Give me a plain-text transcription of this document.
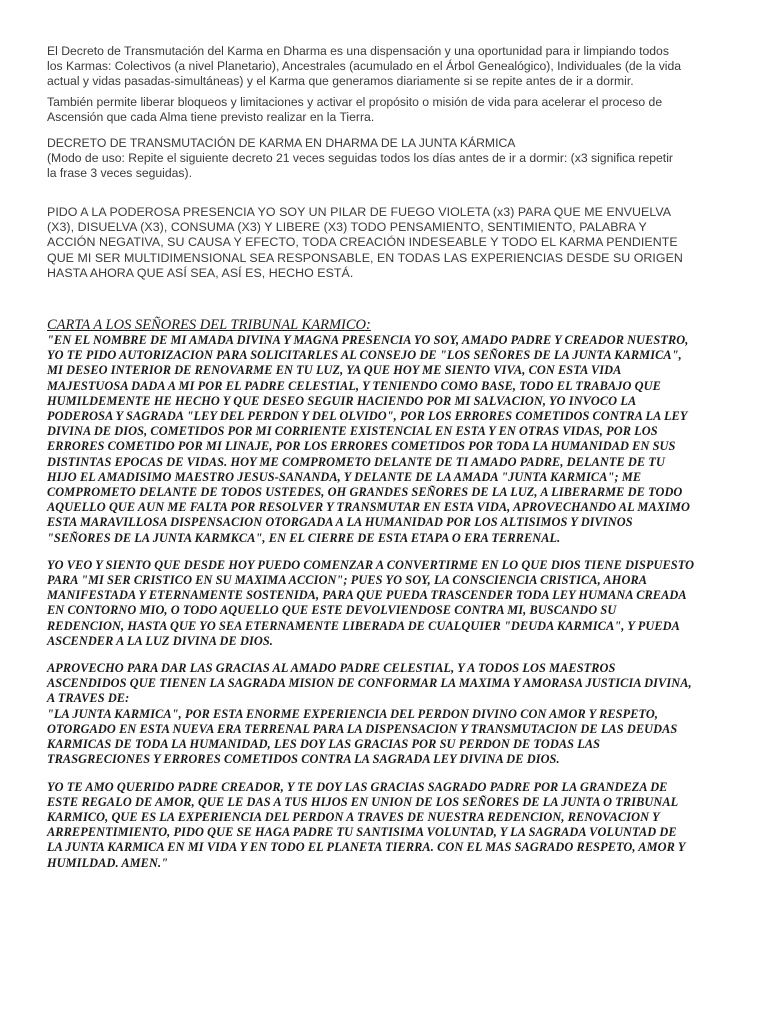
El Decreto de Transmutación del Karma en Dharma es una dispensación y una oportunidad para ir limpiando todos
los Karmas: Colectivos (a nivel Planetario), Ancestrales (acumulado en el Árbol Genealógico), Individuales (de la vida
actual y vidas pasadas-simultáneas) y el Karma que generamos diariamente si se repite antes de ir a dormir.

También permite liberar bloqueos y limitaciones y activar el propósito o misión de vida para acelerar el proceso de
Ascensión que cada Alma tiene previsto realizar en la Tierra.

DECRETO DE TRANSMUTACIÓN DE KARMA EN DHARMA DE LA JUNTA KÁRMICA

(Modo de uso: Repite el siguiente decreto 21 veces seguidas todos los días antes de ir a dormir: (x3 significa repetir
la frase 3 veces seguidas).

PIDO A LA PODEROSA PRESENCIA YO SOY UN PILAR DE FUEGO VIOLETA (x3) PARA QUE ME ENVUELVA
(X3), DISUELVA (X3), CONSUMA (X3) Y LIBERE (X3) TODO PENSAMIENTO, SENTIMIENTO, PALABRA Y
ACCIÓN NEGATIVA, SU CAUSA Y EFECTO, TODA CREACIÓN INDESEABLE Y TODO EL KARMA PENDIENTE
QUE MI SER MULTIDIMENSIONAL SEA RESPONSABLE, EN TODAS LAS EXPERIENCIAS DESDE SU ORIGEN
HASTA AHORA QUE ASÍ SEA, ASÍ ES, HECHO ESTÁ.

CARTA A LOS SEÑORES DEL TRIBUNAL KARMICO:

"EN EL NOMBRE DE MI AMADA DIVINA Y MAGNA PRESENCIA YO SOY, AMADO PADRE Y CREADOR NUESTRO,
YO TE PIDO AUTORIZACION PARA SOLICITARLES AL CONSEJO DE "LOS SEÑORES DE LA JUNTA KARMICA",
MI DESEO INTERIOR DE RENOVARME EN TU LUZ, YA QUE HOY ME SIENTO VIVA, CON ESTA VIDA
MAJESTUOSA DADA A MI POR EL PADRE CELESTIAL, Y TENIENDO COMO BASE, TODO EL TRABAJO QUE
HUMILDEMENTE HE HECHO Y QUE DESEO SEGUIR HACIENDO POR MI SALVACION, YO INVOCO LA
PODEROSA Y SAGRADA "LEY DEL PERDON Y DEL OLVIDO", POR LOS ERRORES COMETIDOS CONTRA LA LEY
DIVINA DE DIOS, COMETIDOS POR MI CORRIENTE EXISTENCIAL EN ESTA Y EN OTRAS VIDAS, POR LOS
ERRORES COMETIDO POR MI LINAJE, POR LOS ERRORES COMETIDOS POR TODA LA HUMANIDAD EN SUS
DISTINTAS EPOCAS DE VIDAS. HOY ME COMPROMETO DELANTE DE TI AMADO PADRE, DELANTE DE TU
HIJO EL AMADISIMO MAESTRO JESUS-SANANDA, Y DELANTE DE LA AMADA "JUNTA KARMICA"; ME
COMPROMETO DELANTE DE TODOS USTEDES, OH GRANDES SEÑORES DE LA LUZ, A LIBERARME DE TODO
AQUELLO QUE AUN ME FALTA POR RESOLVER Y TRANSMUTAR EN ESTA VIDA, APROVECHANDO AL MAXIMO
ESTA MARAVILLOSA DISPENSACION OTORGADA A LA HUMANIDAD POR LOS ALTISIMOS Y DIVINOS
"SEÑORES DE LA JUNTA KARMKCA", EN EL CIERRE DE ESTA ETAPA O ERA TERRENAL.

YO VEO Y SIENTO QUE DESDE HOY PUEDO COMENZAR A CONVERTIRME EN LO QUE DIOS TIENE DISPUESTO
PARA "MI SER CRISTICO EN SU MAXIMA ACCION"; PUES YO SOY, LA CONSCIENCIA CRISTICA, AHORA
MANIFESTADA Y ETERNAMENTE SOSTENIDA, PARA QUE PUEDA TRASCENDER TODA LEY HUMANA CREADA
EN CONTORNO MIO, O TODO AQUELLO QUE ESTE DEVOLVIENDOSE CONTRA MI, BUSCANDO SU
REDENCION, HASTA QUE YO SEA ETERNAMENTE LIBERADA DE CUALQUIER "DEUDA KARMICA", Y PUEDA
ASCENDER A LA LUZ DIVINA DE DIOS.

APROVECHO PARA DAR LAS GRACIAS AL AMADO PADRE CELESTIAL, Y A TODOS LOS MAESTROS
ASCENDIDOS QUE TIENEN LA SAGRADA MISION DE CONFORMAR LA MAXIMA Y AMORASA JUSTICIA DIVINA,
A TRAVES DE:
"LA JUNTA KARMICA", POR ESTA ENORME EXPERIENCIA DEL PERDON DIVINO CON AMOR Y RESPETO,
OTORGADO EN ESTA NUEVA ERA TERRENAL PARA LA DISPENSACION Y TRANSMUTACION DE LAS DEUDAS
KARMICAS DE TODA LA HUMANIDAD, LES DOY LAS GRACIAS POR SU PERDON DE TODAS LAS
TRASGRECIONES Y ERRORES COMETIDOS CONTRA LA SAGRADA LEY DIVINA DE DIOS.

YO TE AMO QUERIDO PADRE CREADOR, Y TE DOY LAS GRACIAS SAGRADO PADRE POR LA GRANDEZA DE
ESTE REGALO DE AMOR, QUE LE DAS A TUS HIJOS EN UNION DE LOS SEÑORES DE LA JUNTA O TRIBUNAL
KARMICO, QUE ES LA EXPERIENCIA DEL PERDON A TRAVES DE NUESTRA REDENCION, RENOVACION Y
ARREPENTIMIENTO, PIDO QUE SE HAGA PADRE TU SANTISIMA VOLUNTAD, Y LA SAGRADA VOLUNTAD DE
LA JUNTA KARMICA EN MI VIDA Y EN TODO EL PLANETA TIERRA. CON EL MAS SAGRADO RESPETO, AMOR Y
HUMILDAD. AMEN."
